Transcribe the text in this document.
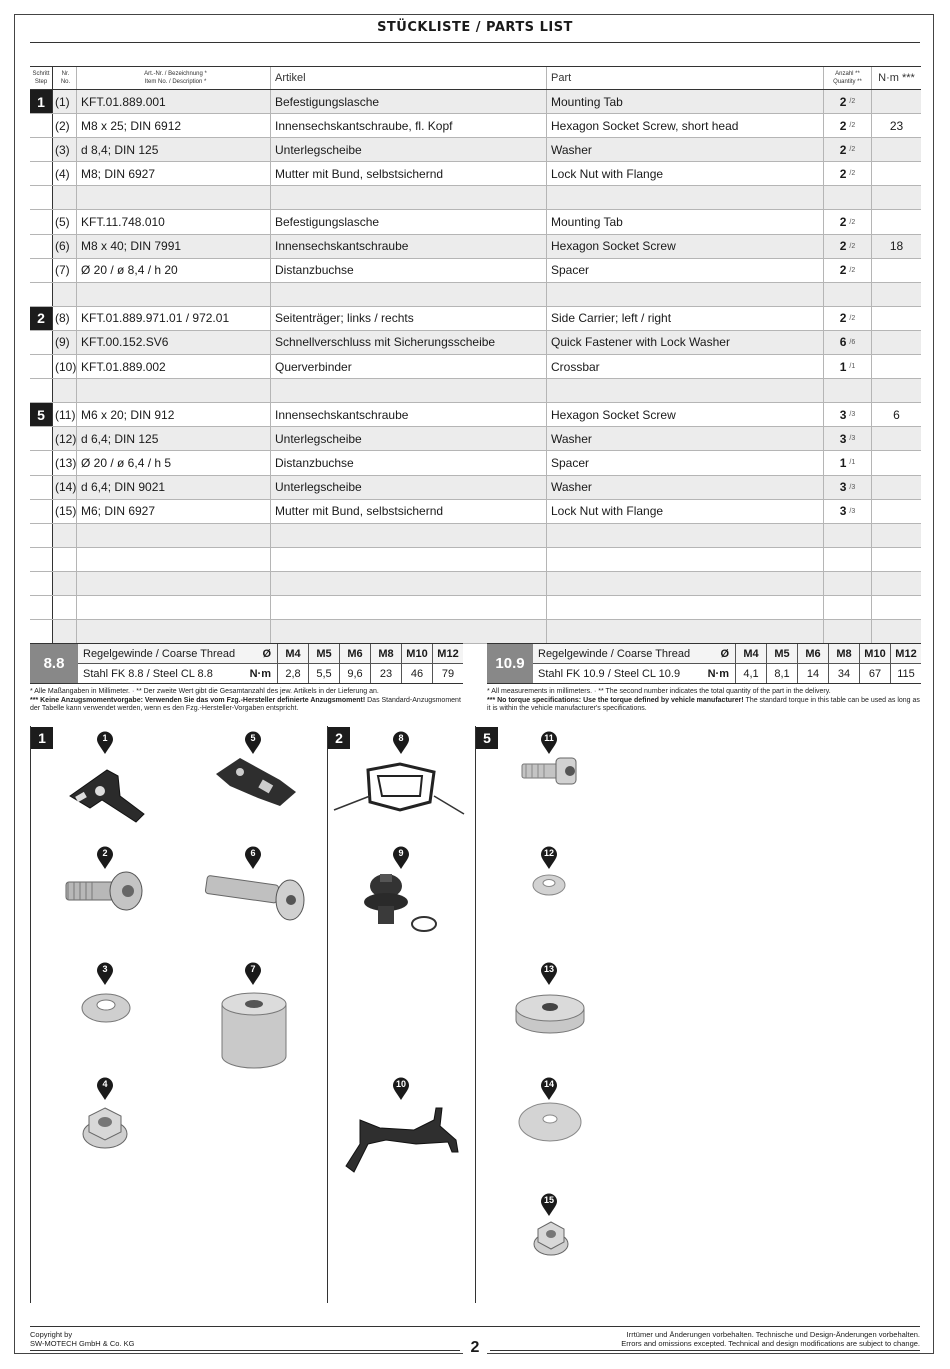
STÜCKLISTE / PARTS LIST
Schritt
Step
Nr.
No.
Art.-Nr. / Bezeichnung *
Item No. / Description *	Artikel	Part	Anzahl **
Quantity **	N·m ***
1 (1) KFT.01.889.001	Befestigungslasche	Mounting Tab	2 /2
(2) M8 x 25; DIN 6912	Innensechskantschraube, fl. Kopf	Hexagon Socket Screw, short head	2 /2	23
(3) d 8,4; DIN 125	Unterlegscheibe	Washer	2 /2
(4) M8; DIN 6927	Mutter mit Bund, selbstsichernd	Lock Nut with Flange	2 /2
(5) KFT.11.748.010	Befestigungslasche	Mounting Tab	2 /2
(6) M8 x 40; DIN 7991	Innensechskantschraube	Hexagon Socket Screw	2 /2	18
(7) Ø 20 / ø 8,4 / h 20	Distanzbuchse	Spacer	2 /2
2 (8) KFT.01.889.971.01 / 972.01	Seitenträger; links / rechts	Side Carrier; left / right	2 /2
(9) KFT.00.152.SV6	Schnellverschluss mit Sicherungsscheibe	Quick Fastener with Lock Washer	6 /6
(10) KFT.01.889.002	Querverbinder	Crossbar	1 /1
5 (11) M6 x 20; DIN 912	Innensechskantschraube	Hexagon Socket Screw	3 /3	6
(12) d 6,4; DIN 125	Unterlegscheibe	Washer	3 /3
(13) Ø 20 / ø 6,4 / h 5	Distanzbuchse	Spacer	1 /1
(14) d 6,4; DIN 9021	Unterlegscheibe	Washer	3 /3
(15) M6; DIN 6927	Mutter mit Bund, selbstsichernd	Lock Nut with Flange	3 /3
8.8
Regelgewinde / Coarse Thread Ø	M4	M5	M6	M8	M10 M12
Stahl FK 8.8 / Steel CL 8.8	N·m	2,8	5,5	9,6	23	46	79
10.9
Regelgewinde / Coarse Thread	Ø	M4	M5	M6	M8	M10 M12
Stahl FK 10.9 / Steel CL 10.9	N·m	4,1	8,1	14	34	67	115
* Alle Maßangaben in Millimeter. · ** Der zweite Wert gibt die Gesamtanzahl des jew. Artikels in der Lieferung an.
*** Keine Anzugsmomentvorgabe: Verwenden Sie das vom Fzg.-Hersteller definierte Anzugsmoment! Das Standard-Anzugsmoment der Tabelle kann verwendet werden, wenn es den Fzg.-Hersteller-Vorgaben entspricht.
* All measurements in millimeters. · ** The second number indicates the total quantity of the part in the delivery.
*** No torque specifications: Use the torque defined by vehicle manufacturer! The standard torque in this table can be used as long as it is within the vehicle manufacturer's specifications.
1	2	5
1
2
3
4
5
6
7
8
9
10
11
12
13
14
15
Copyright by
SW-MOTECH GmbH & Co. KG
Irrtümer und Änderungen vorbehalten. Technische und Design-Änderungen vorbehalten.
Errors and omissions excepted. Technical and design modifications are subject to change.
2
